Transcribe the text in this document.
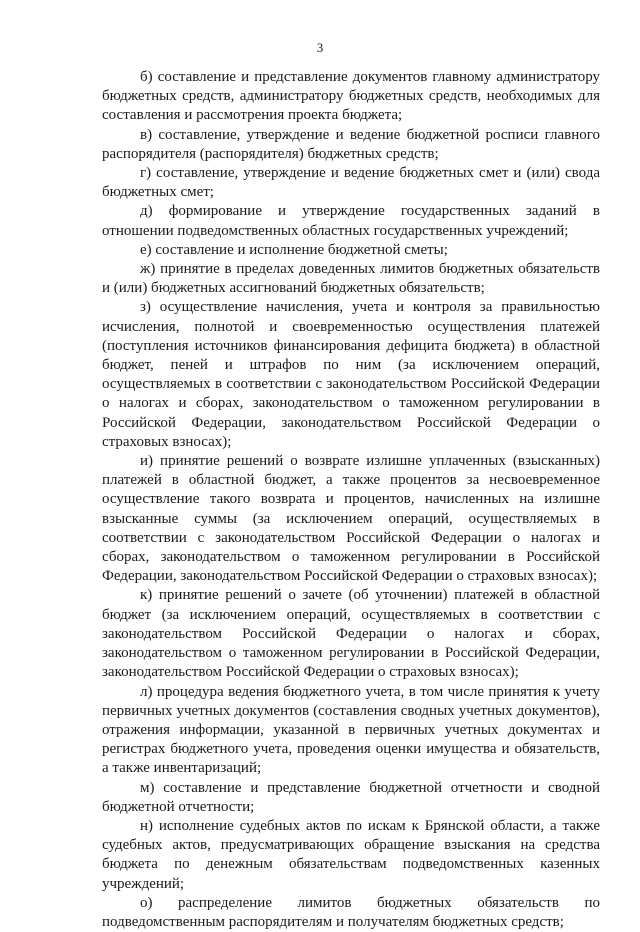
3

б) составление и представление документов главному администратору бюджетных средств, администратору бюджетных средств, необходимых для составления и рассмотрения проекта бюджета;

в) составление, утверждение и ведение бюджетной росписи главного распорядителя (распорядителя) бюджетных средств;

г) составление, утверждение и ведение бюджетных смет и (или) свода бюджетных смет;

д) формирование и утверждение государственных заданий в отношении подведомственных областных государственных учреждений;

е) составление и исполнение бюджетной сметы;

ж) принятие в пределах доведенных лимитов бюджетных обязательств и (или) бюджетных ассигнований бюджетных обязательств;

з) осуществление начисления, учета и контроля за правильностью исчисления, полнотой и своевременностью осуществления платежей (поступления источников финансирования дефицита бюджета) в областной бюджет, пеней и штрафов по ним (за исключением операций, осуществляемых в соответствии с законодательством Российской Федерации о налогах и сборах, законодательством о таможенном регулировании в Российской Федерации, законодательством Российской Федерации о страховых взносах);

и) принятие решений о возврате излишне уплаченных (взысканных) платежей в областной бюджет, а также процентов за несвоевременное осуществление такого возврата и процентов, начисленных на излишне взысканные суммы (за исключением операций, осуществляемых в соответствии с законодательством Российской Федерации о налогах и сборах, законодательством о таможенном регулировании в Российской Федерации, законодательством Российской Федерации о страховых взносах);

к) принятие решений о зачете (об уточнении) платежей в областной бюджет (за исключением операций, осуществляемых в соответствии с законодательством Российской Федерации о налогах и сборах, законодательством о таможенном регулировании в Российской Федерации, законодательством Российской Федерации о страховых взносах);

л) процедура ведения бюджетного учета, в том числе принятия к учету первичных учетных документов (составления сводных учетных документов), отражения информации, указанной в первичных учетных документах и регистрах бюджетного учета, проведения оценки имущества и обязательств, а также инвентаризаций;

м) составление и представление бюджетной отчетности и сводной бюджетной отчетности;

н) исполнение судебных актов по искам к Брянской области, а также судебных актов, предусматривающих обращение взыскания на средства бюджета по денежным обязательствам подведомственных казенных учреждений;

о) распределение лимитов бюджетных обязательств по подведомственным распорядителям и получателям бюджетных средств;
